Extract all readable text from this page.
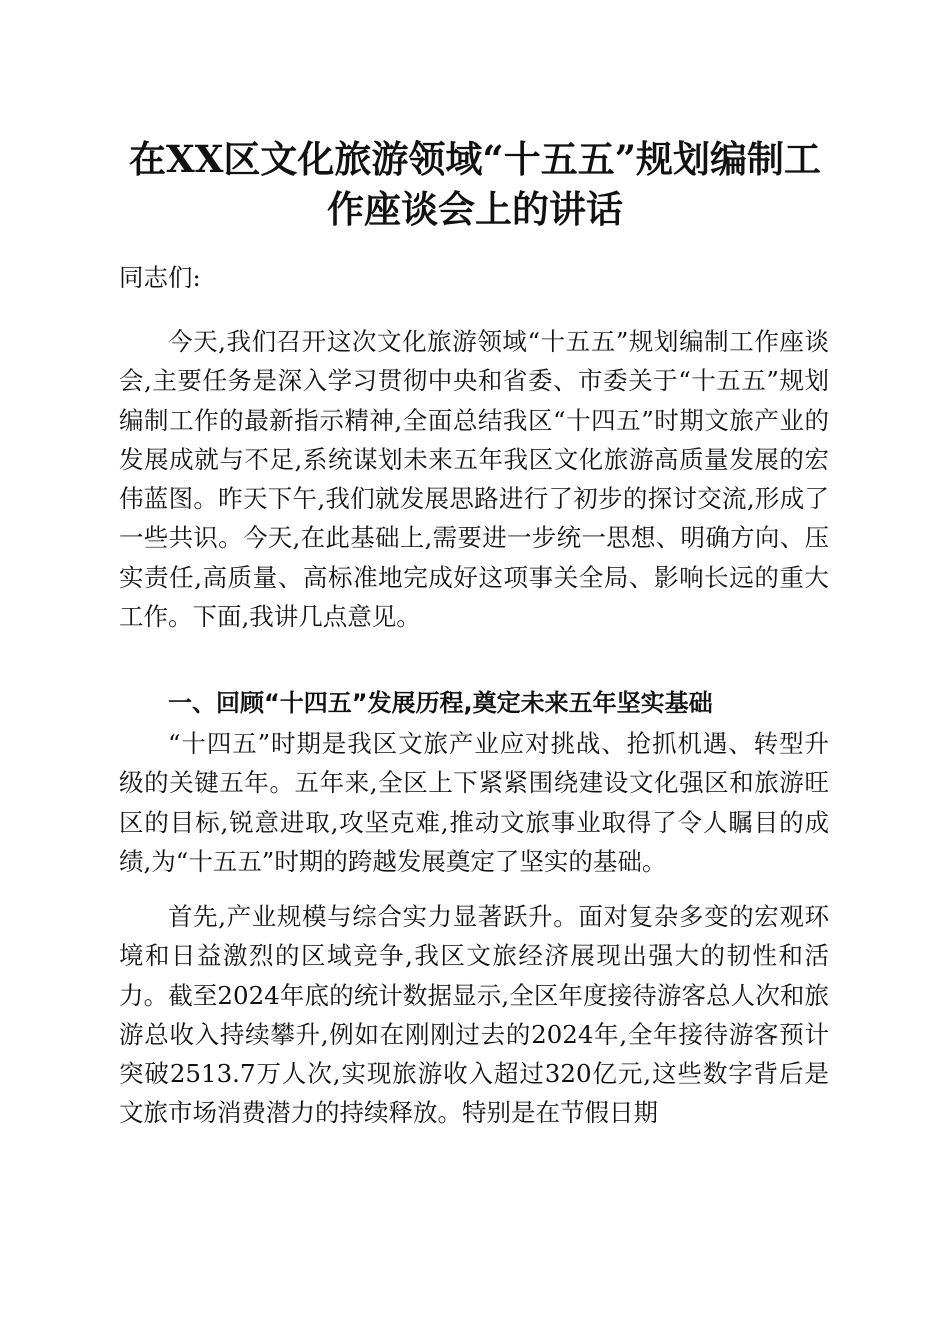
在XX区文化旅游领域“十五五”规划编制工
作座谈会上的讲话

同志们:

今天,我们召开这次文化旅游领域“十五五”规划编制工作座谈会,主要任务是深入学习贯彻中央和省委、市委关于“十五五”规划编制工作的最新指示精神,全面总结我区“十四五”时期文旅产业的发展成就与不足,系统谋划未来五年我区文化旅游高质量发展的宏伟蓝图。昨天下午,我们就发展思路进行了初步的探讨交流,形成了一些共识。今天,在此基础上,需要进一步统一思想、明确方向、压实责任,高质量、高标准地完成好这项事关全局、影响长远的重大工作。下面,我讲几点意见。

一、回顾“十四五”发展历程,奠定未来五年坚实基础

“十四五”时期是我区文旅产业应对挑战、抢抓机遇、转型升级的关键五年。五年来,全区上下紧紧围绕建设文化强区和旅游旺区的目标,锐意进取,攻坚克难,推动文旅事业取得了令人瞩目的成绩,为“十五五”时期的跨越发展奠定了坚实的基础。

首先,产业规模与综合实力显著跃升。面对复杂多变的宏观环境和日益激烈的区域竞争,我区文旅经济展现出强大的韧性和活力。截至2024年底的统计数据显示,全区年度接待游客总人次和旅游总收入持续攀升,例如在刚刚过去的2024年,全年接待游客预计突破2513.7万人次,实现旅游收入超过320亿元,这些数字背后是文旅市场消费潜力的持续释放。特别是在节假日期
